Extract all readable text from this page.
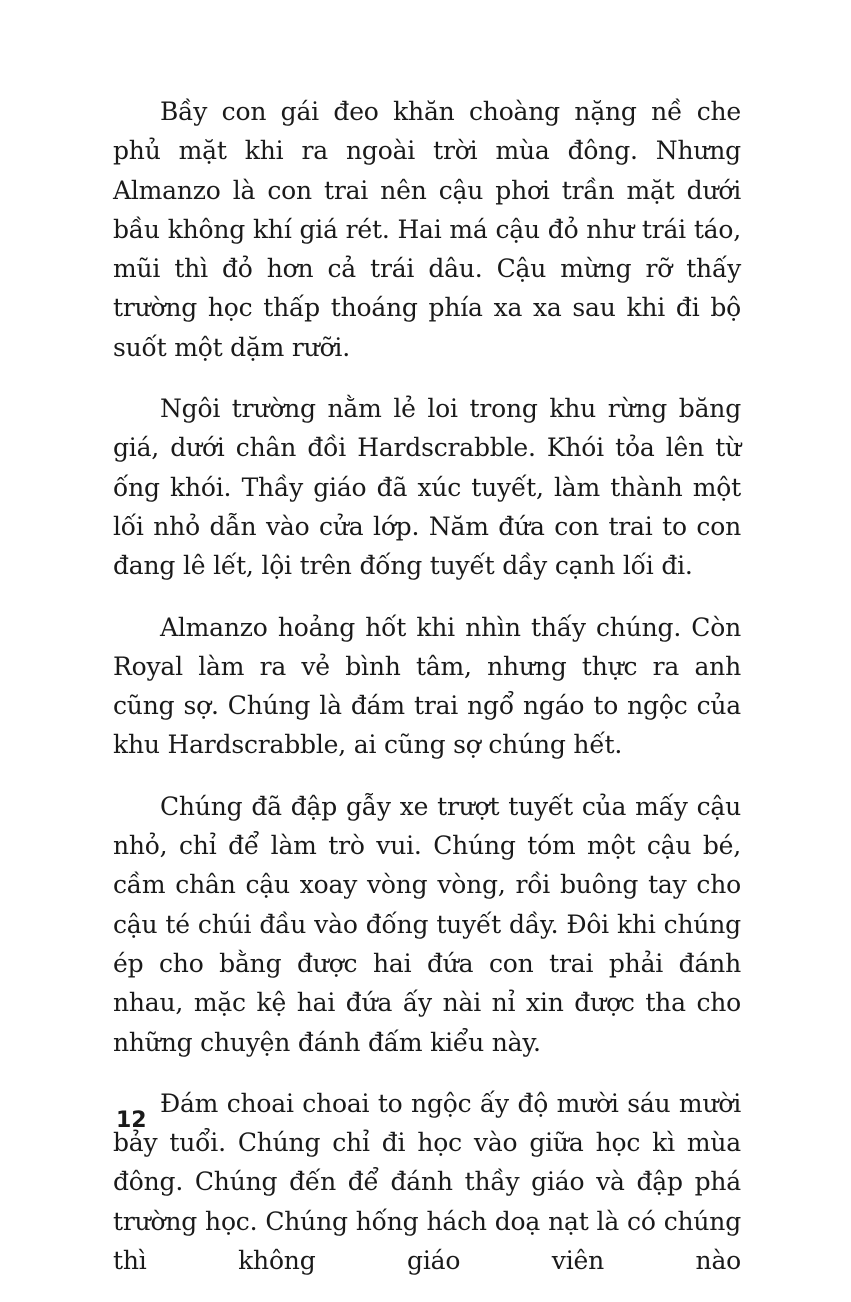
Bầy con gái đeo khăn choàng nặng nề che phủ mặt khi ra ngoài trời mùa đông. Nhưng Almanzo là con trai nên cậu phơi trần mặt dưới bầu không khí giá rét. Hai má cậu đỏ như trái táo, mũi thì đỏ hơn cả trái dâu. Cậu mừng rỡ thấy trường học thấp thoáng phía xa xa sau khi đi bộ suốt một dặm rưỡi.

Ngôi trường nằm lẻ loi trong khu rừng băng giá, dưới chân đồi Hardscrabble. Khói tỏa lên từ ống khói. Thầy giáo đã xúc tuyết, làm thành một lối nhỏ dẫn vào cửa lớp. Năm đứa con trai to con đang lê lết, lội trên đống tuyết dầy cạnh lối đi.

Almanzo hoảng hốt khi nhìn thấy chúng. Còn Royal làm ra vẻ bình tâm, nhưng thực ra anh cũng sợ. Chúng là đám trai ngổ ngáo to ngộc của khu Hardscrabble, ai cũng sợ chúng hết.

Chúng đã đập gẫy xe trượt tuyết của mấy cậu nhỏ, chỉ để làm trò vui. Chúng tóm một cậu bé, cầm chân cậu xoay vòng vòng, rồi buông tay cho cậu té chúi đầu vào đống tuyết dầy. Đôi khi chúng ép cho bằng được hai đứa con trai phải đánh nhau, mặc kệ hai đứa ấy nài nỉ xin được tha cho những chuyện đánh đấm kiểu này.

Đám choai choai to ngộc ấy độ mười sáu mười bảy tuổi. Chúng chỉ đi học vào giữa học kì mùa đông. Chúng đến để đánh thầy giáo và đập phá trường học. Chúng hống hách doạ nạt là có chúng thì không giáo viên nào

12
